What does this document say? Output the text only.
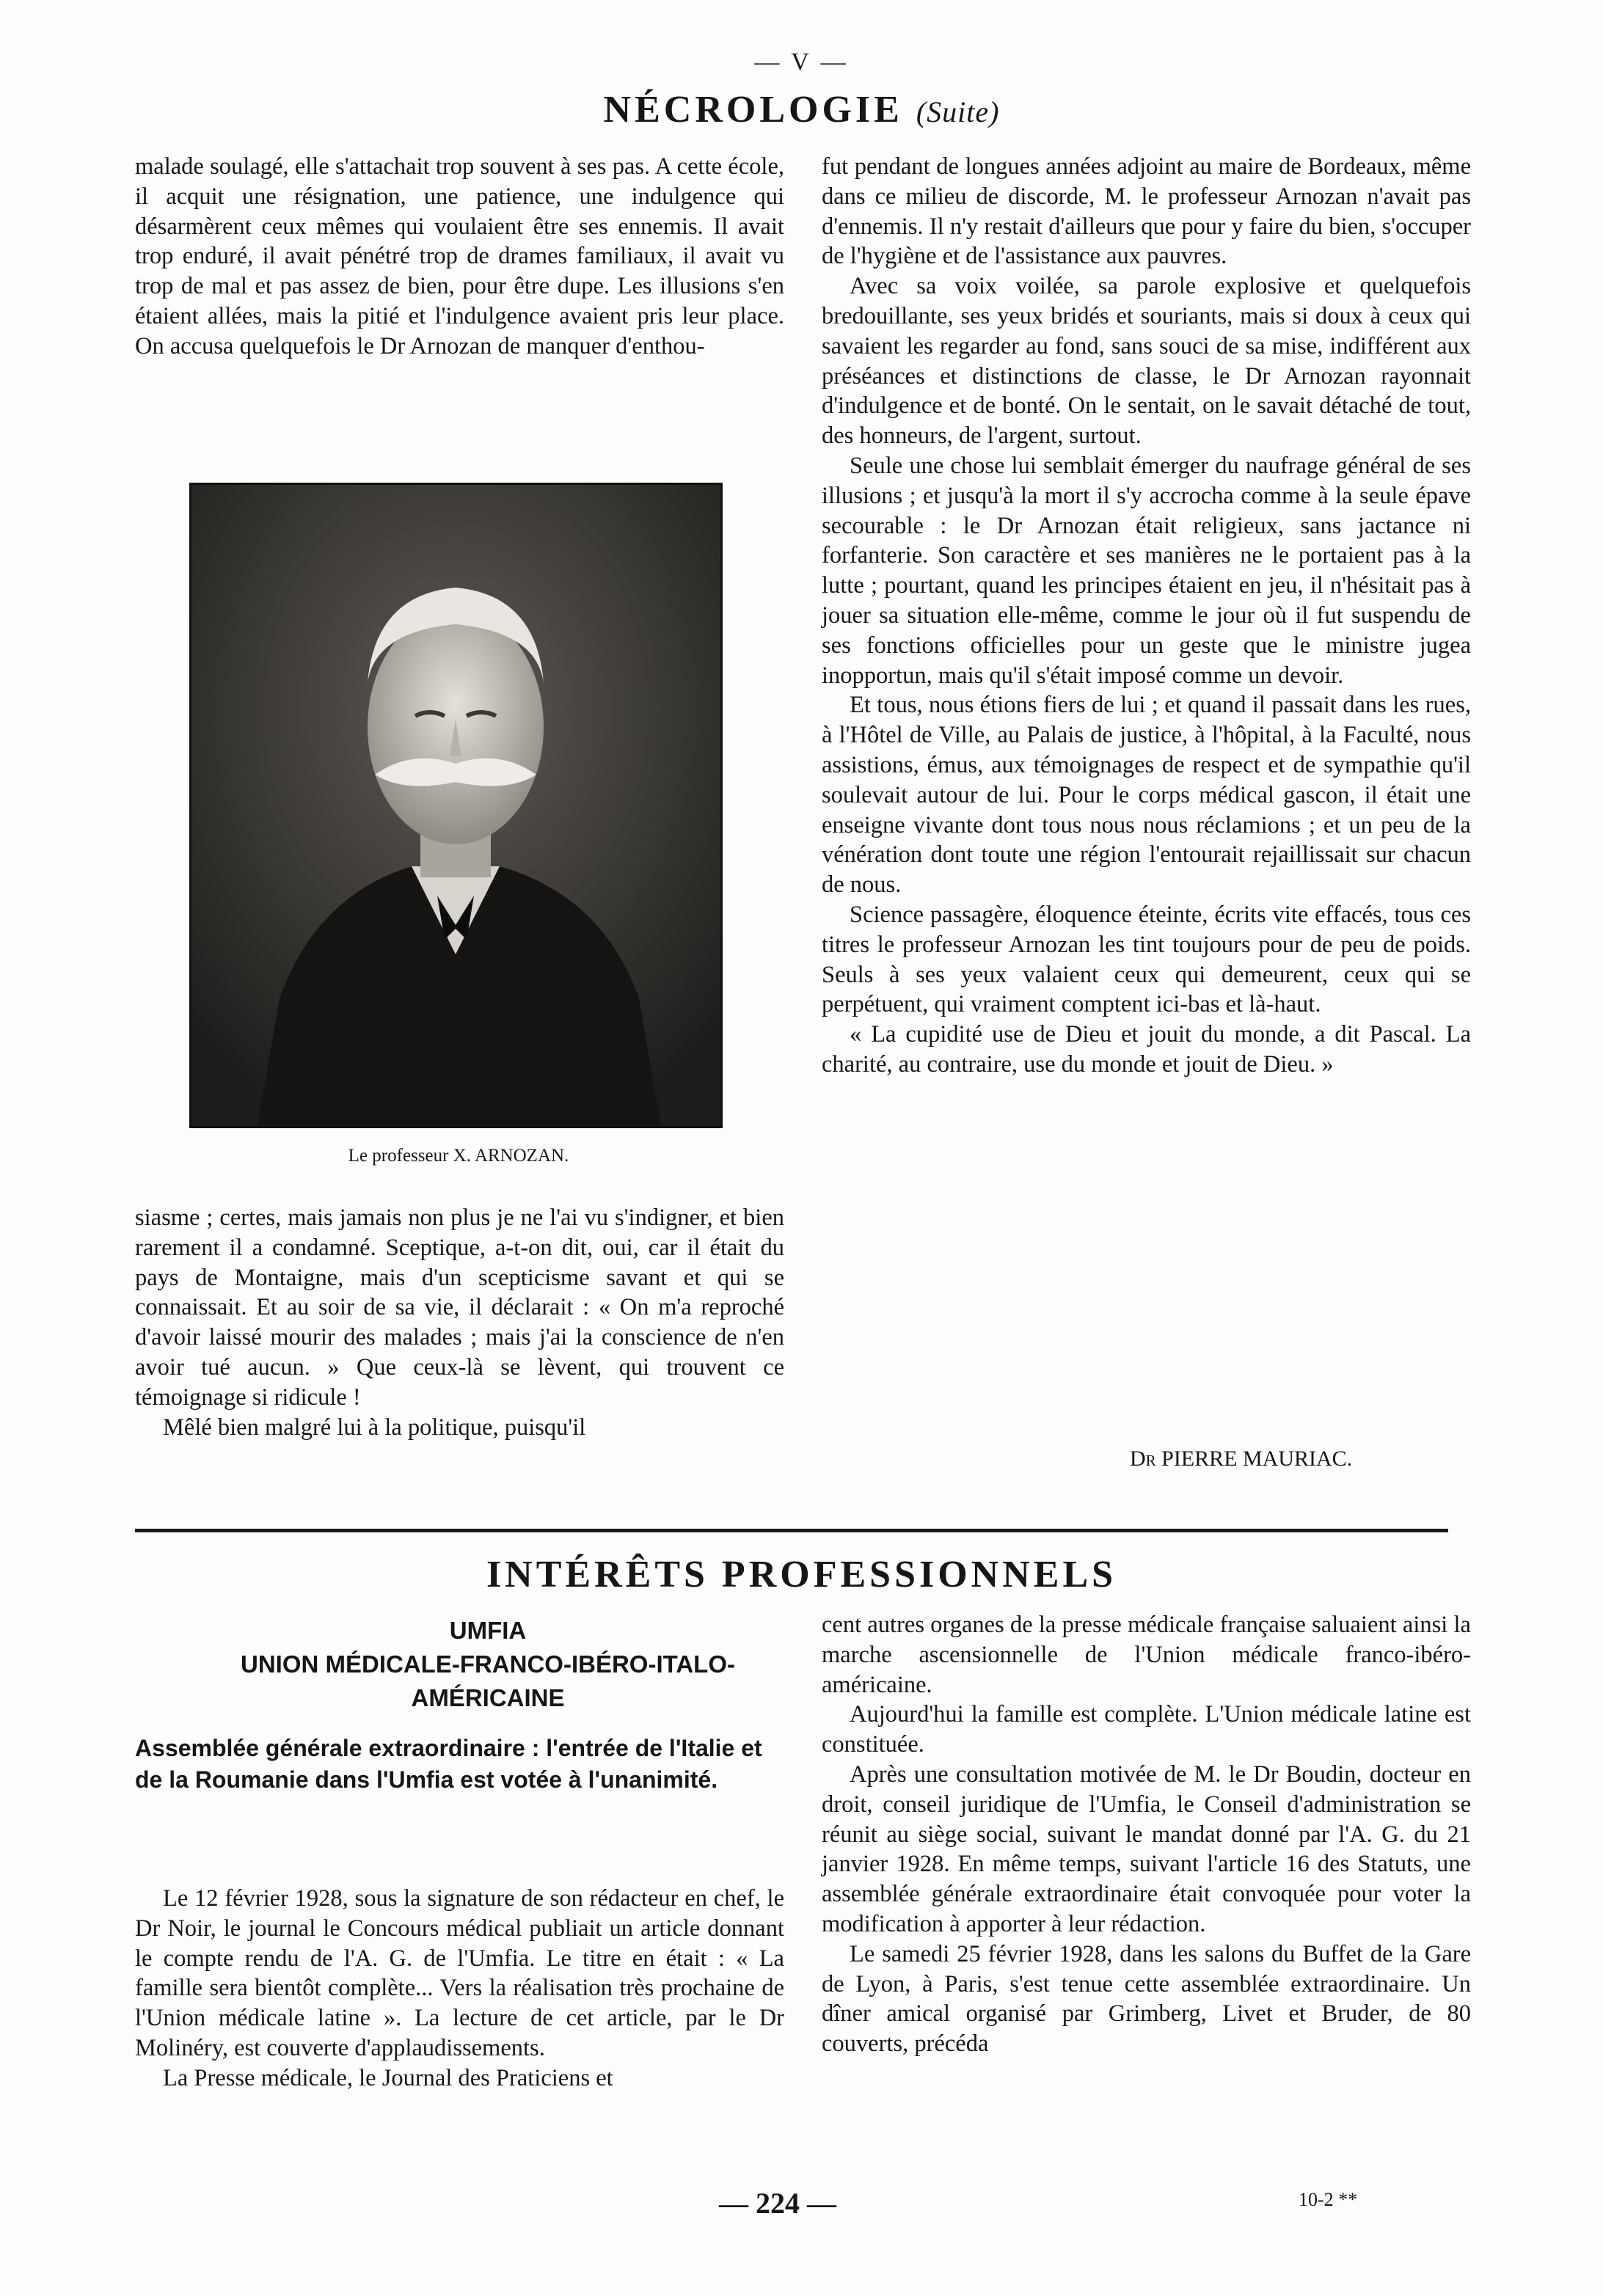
— V —
NÉCROLOGIE (Suite)

malade soulagé, elle s'attachait trop souvent à ses pas. A cette école, il acquit une résignation, une patience, une indulgence qui désarmèrent ceux mêmes qui voulaient être ses ennemis. Il avait trop enduré, il avait pénétré trop de drames familiaux, il avait vu trop de mal et pas assez de bien, pour être dupe. Les illusions s'en étaient allées, mais la pitié et l'indulgence avaient pris leur place. On accusa quelquefois le Dr Arnozan de manquer d'enthou-

Le professeur X. ARNOZAN.

siasme ; certes, mais jamais non plus je ne l'ai vu s'indigner, et bien rarement il a condamné. Sceptique, a-t-on dit, oui, car il était du pays de Montaigne, mais d'un scepticisme savant et qui se connaissait. Et au soir de sa vie, il déclarait : « On m'a reproché d'avoir laissé mourir des malades ; mais j'ai la conscience de n'en avoir tué aucun. » Que ceux-là se lèvent, qui trouvent ce témoignage si ridicule !

Mêlé bien malgré lui à la politique, puisqu'il

fut pendant de longues années adjoint au maire de Bordeaux, même dans ce milieu de discorde, M. le professeur Arnozan n'avait pas d'ennemis. Il n'y restait d'ailleurs que pour y faire du bien, s'occuper de l'hygiène et de l'assistance aux pauvres.

Avec sa voix voilée, sa parole explosive et quelquefois bredouillante, ses yeux bridés et souriants, mais si doux à ceux qui savaient les regarder au fond, sans souci de sa mise, indifférent aux préséances et distinctions de classe, le Dr Arnozan rayonnait d'indulgence et de bonté. On le sentait, on le savait détaché de tout, des honneurs, de l'argent, surtout.

Seule une chose lui semblait émerger du naufrage général de ses illusions ; et jusqu'à la mort il s'y accrocha comme à la seule épave secourable : le Dr Arnozan était religieux, sans jactance ni forfanterie. Son caractère et ses manières ne le portaient pas à la lutte ; pourtant, quand les principes étaient en jeu, il n'hésitait pas à jouer sa situation elle-même, comme le jour où il fut suspendu de ses fonctions officielles pour un geste que le ministre jugea inopportun, mais qu'il s'était imposé comme un devoir.

Et tous, nous étions fiers de lui ; et quand il passait dans les rues, à l'Hôtel de Ville, au Palais de justice, à l'hôpital, à la Faculté, nous assistions, émus, aux témoignages de respect et de sympathie qu'il soulevait autour de lui. Pour le corps médical gascon, il était une enseigne vivante dont tous nous nous réclamions ; et un peu de la vénération dont toute une région l'entourait rejaillissait sur chacun de nous.

Science passagère, éloquence éteinte, écrits vite effacés, tous ces titres le professeur Arnozan les tint toujours pour de peu de poids. Seuls à ses yeux valaient ceux qui demeurent, ceux qui se perpétuent, qui vraiment comptent ici-bas et là-haut.

« La cupidité use de Dieu et jouit du monde, a dit Pascal. La charité, au contraire, use du monde et jouit de Dieu. »

Dr PIERRE MAURIAC.
INTÉRÊTS PROFESSIONNELS
UMFIA
UNION MÉDICALE-FRANCO-IBÉRO-ITALO-AMÉRICAINE
Assemblée générale extraordinaire : l'entrée de l'Italie et de la Roumanie dans l'Umfia est votée à l'unanimité.

Le 12 février 1928, sous la signature de son rédacteur en chef, le Dr Noir, le journal le Concours médical publiait un article donnant le compte rendu de l'A. G. de l'Umfia. Le titre en était : « La famille sera bientôt complète... Vers la réalisation très prochaine de l'Union médicale latine ». La lecture de cet article, par le Dr Molinéry, est couverte d'applaudissements.

La Presse médicale, le Journal des Praticiens et

cent autres organes de la presse médicale française saluaient ainsi la marche ascensionnelle de l'Union médicale franco-ibéro-américaine.

Aujourd'hui la famille est complète. L'Union médicale latine est constituée.

Après une consultation motivée de M. le Dr Boudin, docteur en droit, conseil juridique de l'Umfia, le Conseil d'administration se réunit au siège social, suivant le mandat donné par l'A. G. du 21 janvier 1928. En même temps, suivant l'article 16 des Statuts, une assemblée générale extraordinaire était convoquée pour voter la modification à apporter à leur rédaction.

Le samedi 25 février 1928, dans les salons du Buffet de la Gare de Lyon, à Paris, s'est tenue cette assemblée extraordinaire. Un dîner amical organisé par Grimberg, Livet et Bruder, de 80 couverts, précéda

— 224 —	10-2 **
